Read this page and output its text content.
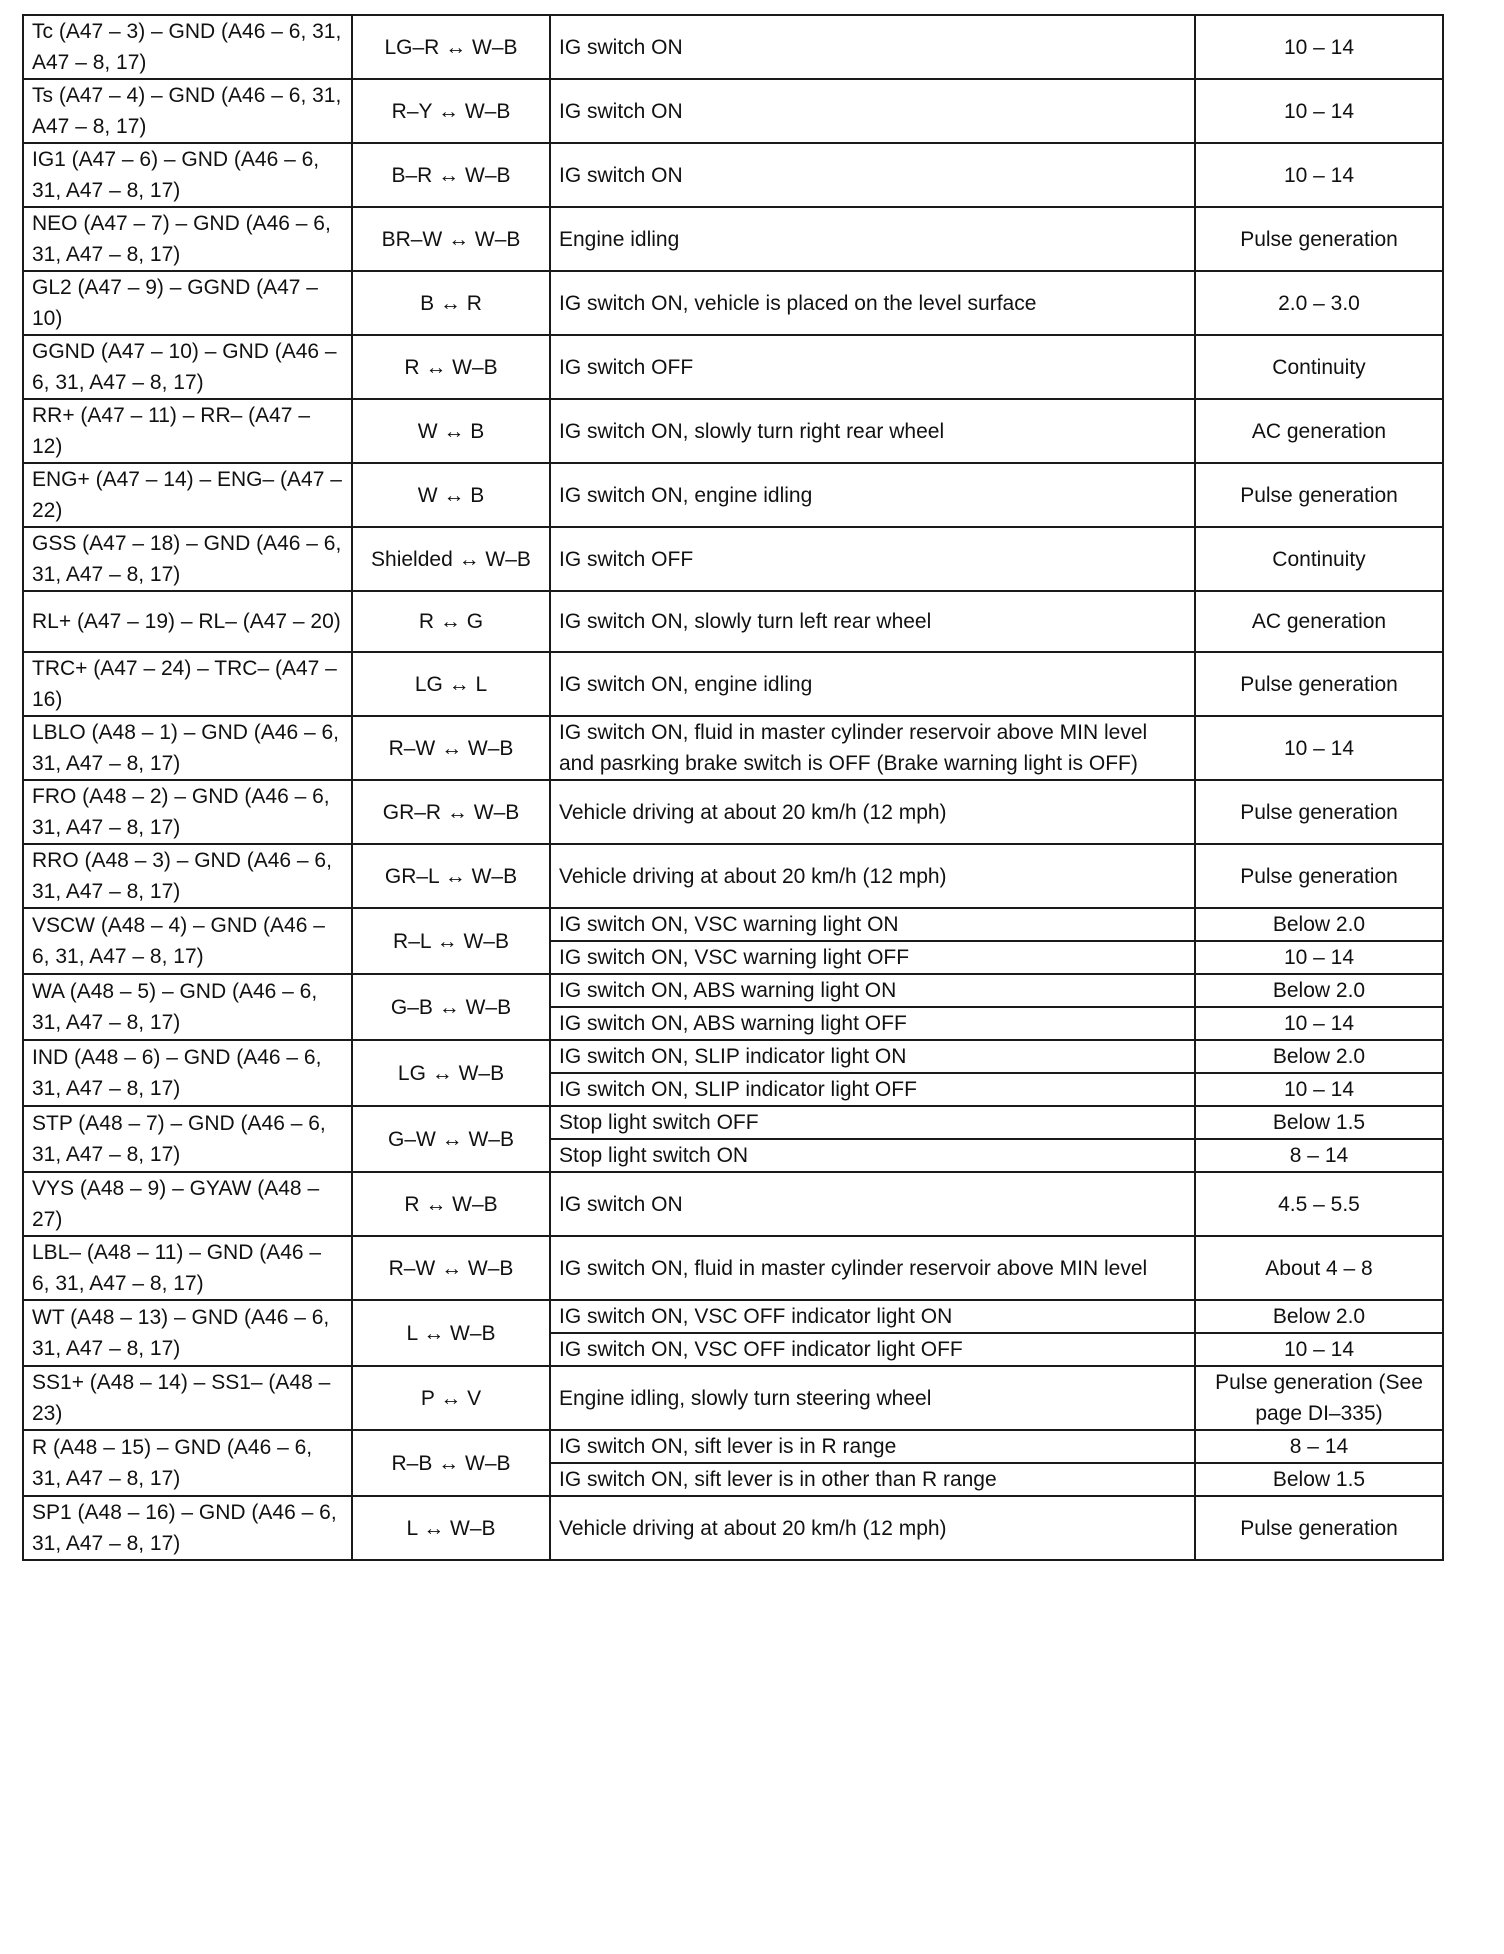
Tc (A47 – 3) – GND (A46 – 6, 31, A47 – 8, 17)	LG–R ↔ W–B	IG switch ON	10 – 14
Ts (A47 – 4) – GND (A46 – 6, 31, A47 – 8, 17)	R–Y ↔ W–B	IG switch ON	10 – 14
IG1 (A47 – 6) – GND (A46 – 6, 31, A47 – 8, 17)	B–R ↔ W–B	IG switch ON	10 – 14
NEO (A47 – 7) – GND (A46 – 6, 31, A47 – 8, 17)	BR–W ↔ W–B	Engine idling	Pulse generation
GL2 (A47 – 9) – GGND (A47 – 10)	B ↔ R	IG switch ON, vehicle is placed on the level surface	2.0 – 3.0
GGND (A47 – 10) – GND (A46 – 6, 31, A47 – 8, 17)	R ↔ W–B	IG switch OFF	Continuity
RR+ (A47 – 11) – RR– (A47 – 12)	W ↔ B	IG switch ON, slowly turn right rear wheel	AC generation
ENG+ (A47 – 14) – ENG– (A47 – 22)	W ↔ B	IG switch ON, engine idling	Pulse generation
GSS (A47 – 18) – GND (A46 – 6, 31, A47 – 8, 17)	Shielded ↔ W–B	IG switch OFF	Continuity
RL+ (A47 – 19) – RL– (A47 – 20)	R ↔ G	IG switch ON, slowly turn left rear wheel	AC generation
TRC+ (A47 – 24) – TRC– (A47 – 16)	LG ↔ L	IG switch ON, engine idling	Pulse generation
LBLO (A48 – 1) – GND (A46 – 6, 31, A47 – 8, 17)	R–W ↔ W–B	IG switch ON, fluid in master cylinder reservoir above MIN level and pasrking brake switch is OFF (Brake warning light is OFF)	10 – 14
FRO (A48 – 2) – GND (A46 – 6, 31, A47 – 8, 17)	GR–R ↔ W–B	Vehicle driving at about 20 km/h (12 mph)	Pulse generation
RRO (A48 – 3) – GND (A46 – 6, 31, A47 – 8, 17)	GR–L ↔ W–B	Vehicle driving at about 20 km/h (12 mph)	Pulse generation
VSCW (A48 – 4) – GND (A46 – 6, 31, A47 – 8, 17)	R–L ↔ W–B	IG switch ON, VSC warning light ON	Below 2.0
		IG switch ON, VSC warning light OFF	10 – 14
WA (A48 – 5) – GND (A46 – 6, 31, A47 – 8, 17)	G–B ↔ W–B	IG switch ON, ABS warning light ON	Below 2.0
		IG switch ON, ABS warning light OFF	10 – 14
IND (A48 – 6) – GND (A46 – 6, 31, A47 – 8, 17)	LG ↔ W–B	IG switch ON, SLIP indicator light ON	Below 2.0
		IG switch ON, SLIP indicator light OFF	10 – 14
STP (A48 – 7) – GND (A46 – 6, 31, A47 – 8, 17)	G–W ↔ W–B	Stop light switch OFF	Below 1.5
		Stop light switch ON	8 – 14
VYS (A48 – 9) – GYAW (A48 – 27)	R ↔ W–B	IG switch ON	4.5 – 5.5
LBL– (A48 – 11) – GND (A46 – 6, 31, A47 – 8, 17)	R–W ↔ W–B	IG switch ON, fluid in master cylinder reservoir above MIN level	About 4 – 8
WT (A48 – 13) – GND (A46 – 6, 31, A47 – 8, 17)	L ↔ W–B	IG switch ON, VSC OFF indicator light ON	Below 2.0
		IG switch ON, VSC OFF indicator light OFF	10 – 14
SS1+ (A48 – 14) – SS1– (A48 – 23)	P ↔ V	Engine idling, slowly turn steering wheel	Pulse generation (See page DI–335)
R (A48 – 15) – GND (A46 – 6, 31, A47 – 8, 17)	R–B ↔ W–B	IG switch ON, sift lever is in R range	8 – 14
		IG switch ON, sift lever is in other than R range	Below 1.5
SP1 (A48 – 16) – GND (A46 – 6, 31, A47 – 8, 17)	L ↔ W–B	Vehicle driving at about 20 km/h (12 mph)	Pulse generation
